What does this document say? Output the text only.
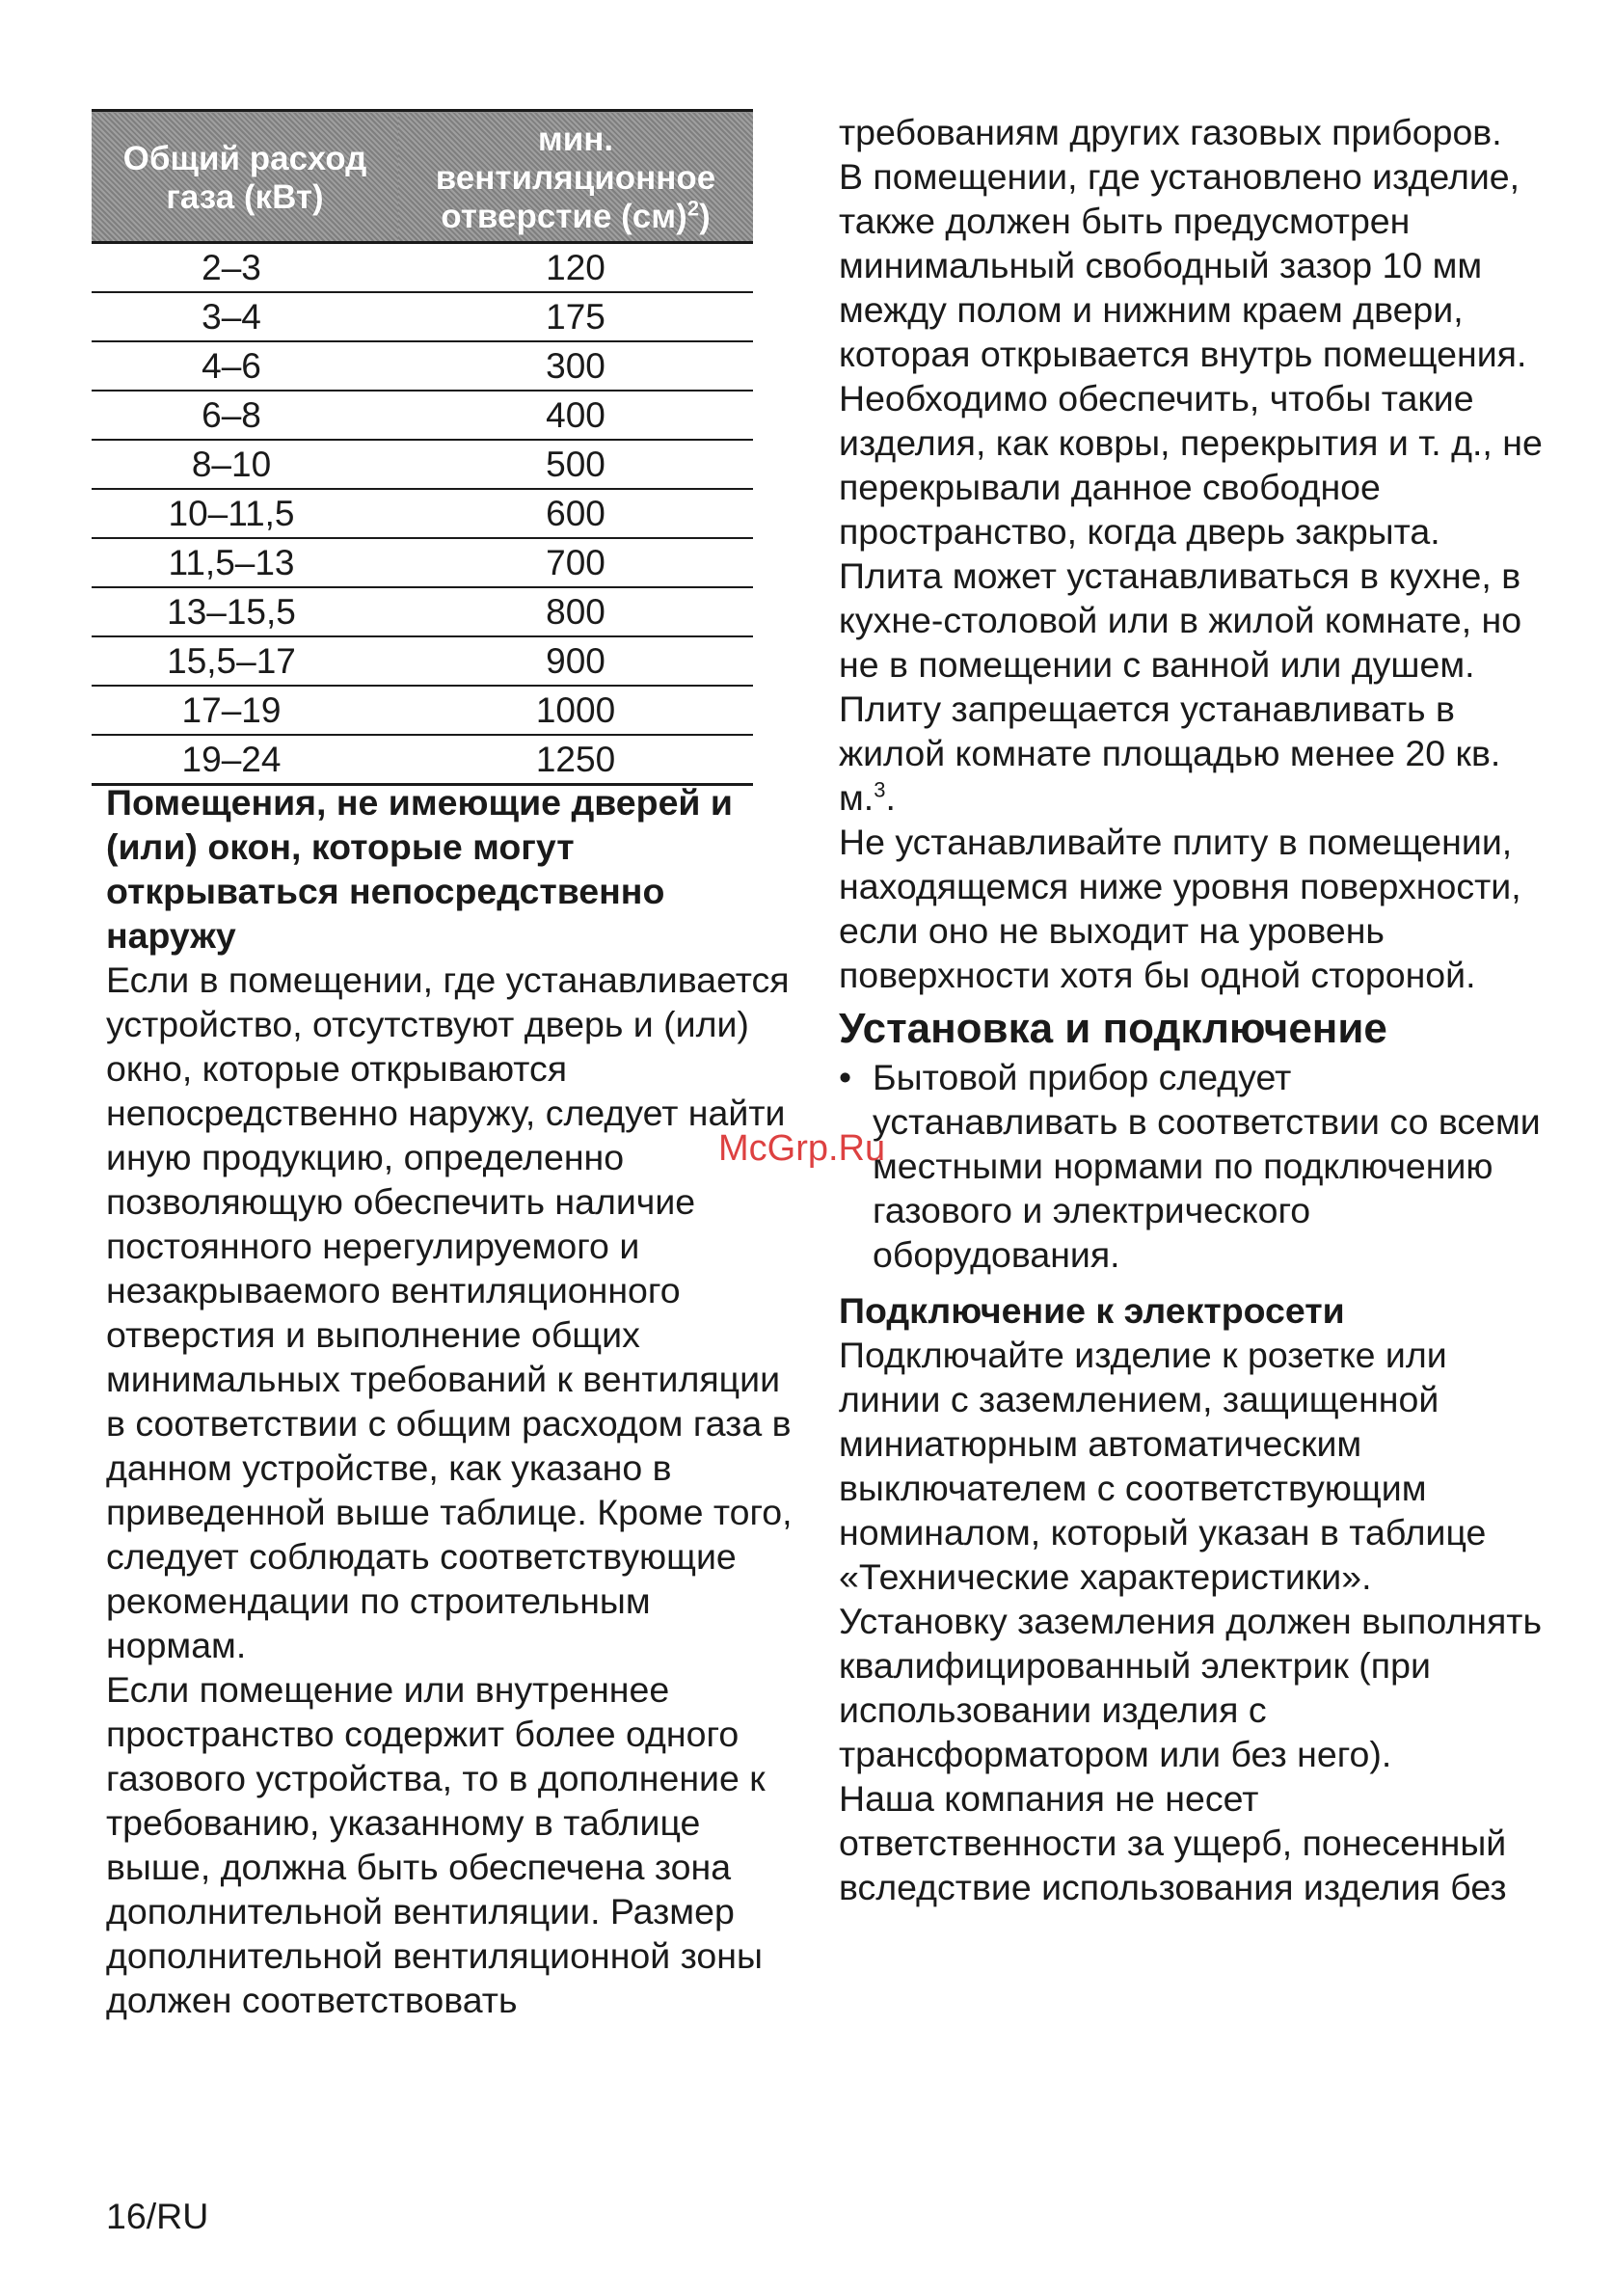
Общий расход газа (кВт)	мин. вентиляционное отверстие (см)$^2$)
2–3	120
3–4	175
4–6	300
6–8	400
8–10	500
10–11,5	600
11,5–13	700
13–15,5	800
15,5–17	900
17–19	1000
19–24	1250

Помещения, не имеющие дверей и (или) окон, которые могут открываться непосредственно наружу

Если в помещении, где устанавливается устройство, отсутствуют дверь и (или) окно, которые открываются непосредственно наружу, следует найти иную продукцию, определенно позволяющую обеспечить наличие постоянного нерегулируемого и незакрываемого вентиляционного отверстия и выполнение общих минимальных требований к вентиляции в соответствии с общим расходом газа в данном устройстве, как указано в приведенной выше таблице. Кроме того, следует соблюдать соответствующие рекомендации по строительным нормам.

Если помещение или внутреннее пространство содержит более одного газового устройства, то в дополнение к требованию, указанному в таблице выше, должна быть обеспечена зона дополнительной вентиляции. Размер дополнительной вентиляционной зоны должен соответствовать

требованиям других газовых приборов.

В помещении, где установлено изделие, также должен быть предусмотрен минимальный свободный зазор 10 мм между полом и нижним краем двери, которая открывается внутрь помещения. Необходимо обеспечить, чтобы такие изделия, как ковры, перекрытия и т. д., не перекрывали данное свободное пространство, когда дверь закрыта.

Плита может устанавливаться в кухне, в кухне-столовой или в жилой комнате, но не в помещении с ванной или душем. Плиту запрещается устанавливать в жилой комнате площадью менее 20 кв. м.$^3$.

Не устанавливайте плиту в помещении, находящемся ниже уровня поверхности, если оно не выходит на уровень поверхности хотя бы одной стороной.

Установка и подключение

• Бытовой прибор следует устанавливать в соответствии со всеми местными нормами по подключению газового и электрического оборудования.

Подключение к электросети

Подключайте изделие к розетке или линии с заземлением, защищенной миниатюрным автоматическим выключателем с соответствующим номиналом, который указан в таблице «Технические характеристики». Установку заземления должен выполнять квалифицированный электрик (при использовании изделия с трансформатором или без него).

Наша компания не несет ответственности за ущерб, понесенный вследствие использования изделия без

McGrp.Ru
16/RU
